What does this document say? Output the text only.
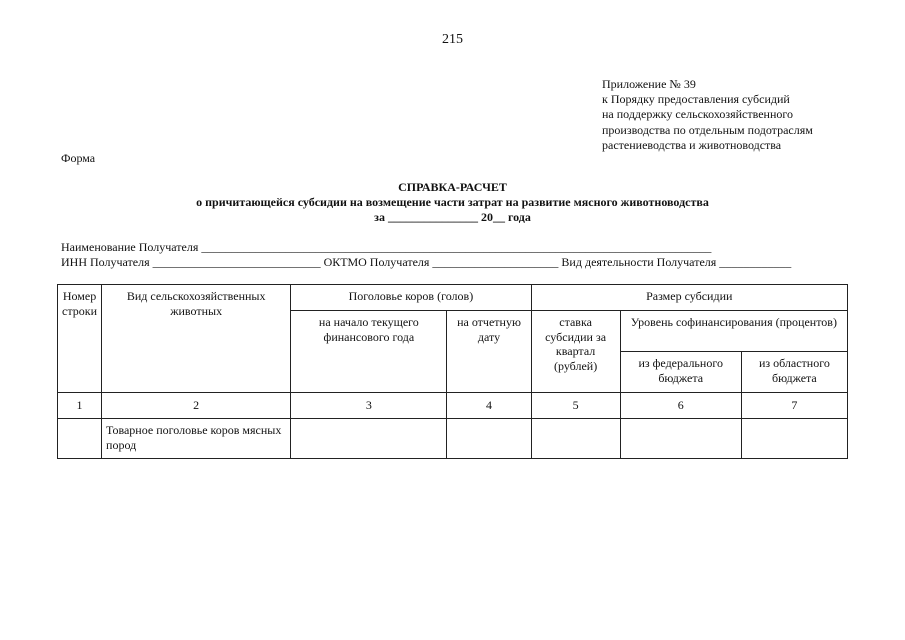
215
Приложение № 39
к Порядку предоставления субсидий
на поддержку сельскохозяйственного
производства по отдельным подотраслям
растениеводства и животноводства
Форма
СПРАВКА-РАСЧЕТ
о причитающейся субсидии на возмещение части затрат на развитие мясного животноводства
за _______________ 20__ года
Наименование Получателя _____________________________________________________________________________________
ИНН Получателя ____________________________ ОКТМО Получателя _____________________ Вид деятельности Получателя ____________
Номер строки	Вид сельскохозяйственных животных	Поголовье коров (голов)		Размер субсидии		
		на начало текущего финансового года	на отчетную дату	ставка субсидии за квартал (рублей)	Уровень софинансирования (процентов)	
					из федерального бюджета	из областного бюджета
1	2	3	4	5	6	7
	Товарное поголовье коров мясных пород					
